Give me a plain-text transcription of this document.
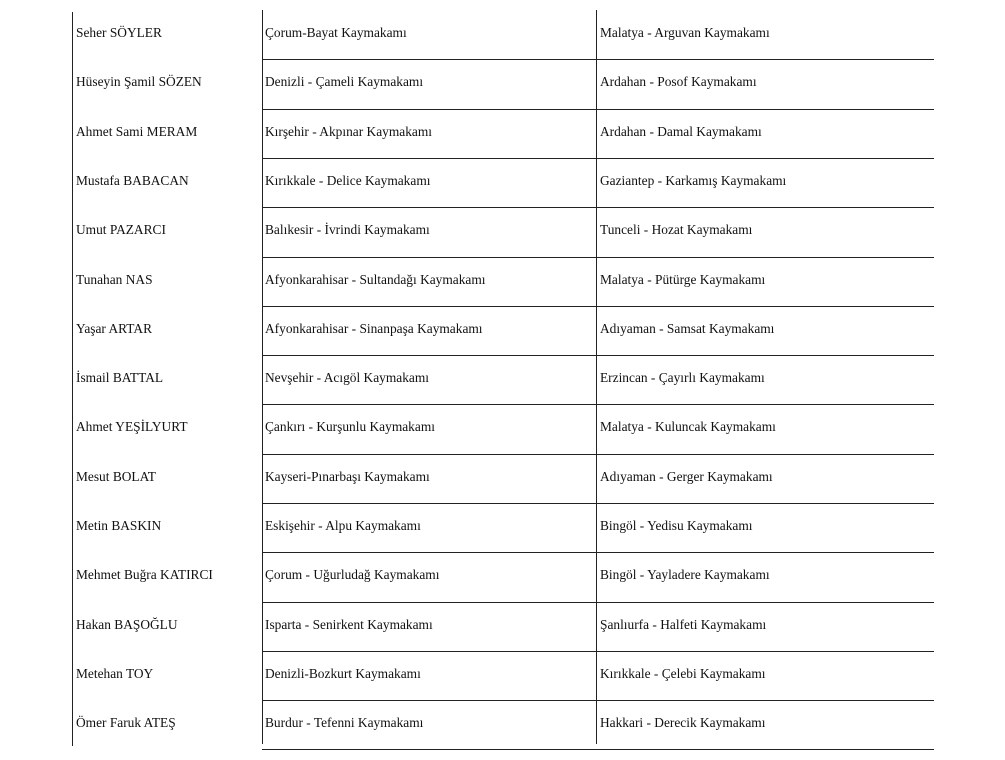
Seher SÖYLER	Çorum-Bayat Kaymakamı	Malatya - Arguvan Kaymakamı
Hüseyin Şamil SÖZEN	Denizli - Çameli Kaymakamı	Ardahan - Posof Kaymakamı
Ahmet Sami MERAM	Kırşehir - Akpınar Kaymakamı	Ardahan - Damal Kaymakamı
Mustafa BABACAN	Kırıkkale - Delice Kaymakamı	Gaziantep - Karkamış Kaymakamı
Umut PAZARCI	Balıkesir - İvrindi Kaymakamı	Tunceli - Hozat Kaymakamı
Tunahan NAS	Afyonkarahisar - Sultandağı Kaymakamı	Malatya - Pütürge Kaymakamı
Yaşar ARTAR	Afyonkarahisar - Sinanpaşa Kaymakamı	Adıyaman - Samsat Kaymakamı
İsmail BATTAL	Nevşehir - Acıgöl Kaymakamı	Erzincan - Çayırlı Kaymakamı
Ahmet YEŞİLYURT	Çankırı - Kurşunlu Kaymakamı	Malatya - Kuluncak Kaymakamı
Mesut BOLAT	Kayseri-Pınarbaşı Kaymakamı	Adıyaman - Gerger Kaymakamı
Metin BASKIN	Eskişehir - Alpu Kaymakamı	Bingöl - Yedisu Kaymakamı
Mehmet Buğra KATIRCI	Çorum - Uğurludağ Kaymakamı	Bingöl - Yayladere Kaymakamı
Hakan BAŞOĞLU	Isparta - Senirkent Kaymakamı	Şanlıurfa - Halfeti Kaymakamı
Metehan TOY	Denizli-Bozkurt Kaymakamı	Kırıkkale - Çelebi Kaymakamı
Ömer Faruk ATEŞ	Burdur - Tefenni Kaymakamı	Hakkari - Derecik Kaymakamı
